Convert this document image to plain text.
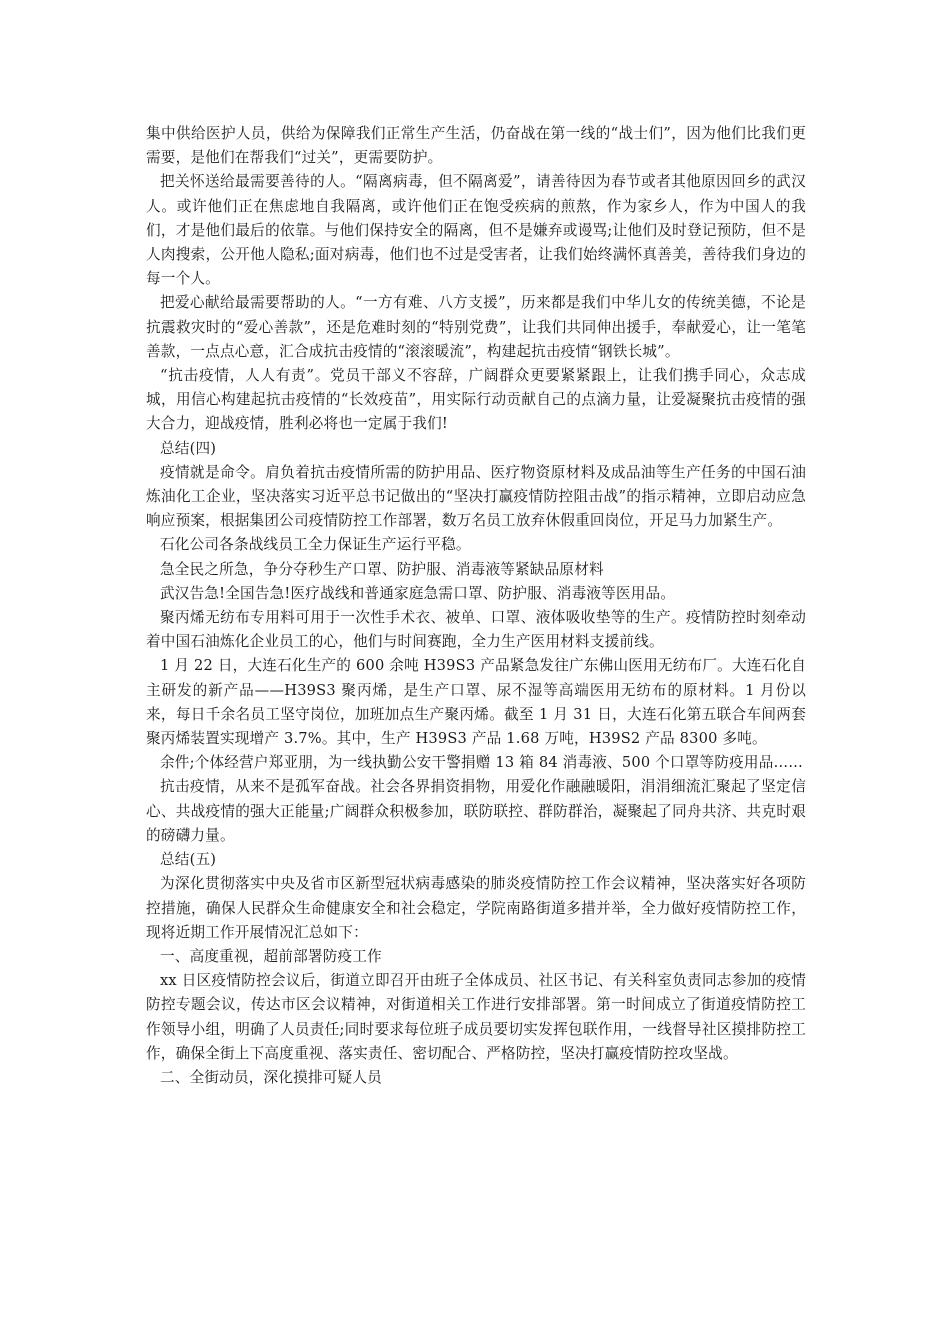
集中供给医护人员，供给为保障我们正常生产生活，仍奋战在第一线的“战士们”，因为他们比我们更需要，是他们在帮我们“过关”，更需要防护。

把关怀送给最需要善待的人。“隔离病毒，但不隔离爱”，请善待因为春节或者其他原因回乡的武汉人。或许他们正在焦虑地自我隔离，或许他们正在饱受疾病的煎熬，作为家乡人，作为中国人的我们，才是他们最后的依靠。与他们保持安全的隔离，但不是嫌弃或谩骂;让他们及时登记预防，但不是人肉搜索，公开他人隐私;面对病毒，他们也不过是受害者，让我们始终满怀真善美，善待我们身边的每一个人。

把爱心献给最需要帮助的人。“一方有难、八方支援”，历来都是我们中华儿女的传统美德，不论是抗震救灾时的“爱心善款”，还是危难时刻的“特别党费”，让我们共同伸出援手，奉献爱心，让一笔笔善款，一点点心意，汇合成抗击疫情的“滚滚暖流”，构建起抗击疫情“钢铁长城”。

“抗击疫情，人人有责”。党员干部义不容辞，广阔群众更要紧紧跟上，让我们携手同心，众志成城，用信心构建起抗击疫情的“长效疫苗”，用实际行动贡献自己的点滴力量，让爱凝聚抗击疫情的强大合力，迎战疫情，胜利必将也一定属于我们!

总结(四)

疫情就是命令。肩负着抗击疫情所需的防护用品、医疗物资原材料及成品油等生产任务的中国石油炼油化工企业，坚决落实习近平总书记做出的“坚决打赢疫情防控阻击战”的指示精神，立即启动应急响应预案，根据集团公司疫情防控工作部署，数万名员工放弃休假重回岗位，开足马力加紧生产。

石化公司各条战线员工全力保证生产运行平稳。

急全民之所急，争分夺秒生产口罩、防护服、消毒液等紧缺品原材料

武汉告急!全国告急!医疗战线和普通家庭急需口罩、防护服、消毒液等医用品。

聚丙烯无纺布专用料可用于一次性手术衣、被单、口罩、液体吸收垫等的生产。疫情防控时刻牵动着中国石油炼化企业员工的心，他们与时间赛跑，全力生产医用材料支援前线。

1 月 22 日，大连石化生产的 600 余吨 H39S3 产品紧急发往广东佛山医用无纺布厂。大连石化自主研发的新产品——H39S3 聚丙烯，是生产口罩、尿不湿等高端医用无纺布的原材料。1 月份以来，每日千余名员工坚守岗位，加班加点生产聚丙烯。截至 1 月 31 日，大连石化第五联合车间两套聚丙烯装置实现增产 3.7%。其中，生产 H39S3 产品 1.68 万吨，H39S2 产品 8300 多吨。

余件;个体经营户郑亚朋，为一线执勤公安干警捐赠 13 箱 84 消毒液、500 个口罩等防疫用品……

抗击疫情，从来不是孤军奋战。社会各界捐资捐物，用爱化作融融暖阳，涓涓细流汇聚起了坚定信心、共战疫情的强大正能量;广阔群众积极参加，联防联控、群防群治，凝聚起了同舟共济、共克时艰的磅礴力量。

总结(五)

为深化贯彻落实中央及省市区新型冠状病毒感染的肺炎疫情防控工作会议精神，坚决落实好各项防控措施，确保人民群众生命健康安全和社会稳定，学院南路街道多措并举，全力做好疫情防控工作，现将近期工作开展情况汇总如下：

一、高度重视，超前部署防疫工作

xx 日区疫情防控会议后，街道立即召开由班子全体成员、社区书记、有关科室负责同志参加的疫情防控专题会议，传达市区会议精神，对街道相关工作进行安排部署。第一时间成立了街道疫情防控工作领导小组，明确了人员责任;同时要求每位班子成员要切实发挥包联作用，一线督导社区摸排防控工作，确保全街上下高度重视、落实责任、密切配合、严格防控，坚决打赢疫情防控攻坚战。

二、全街动员，深化摸排可疑人员
